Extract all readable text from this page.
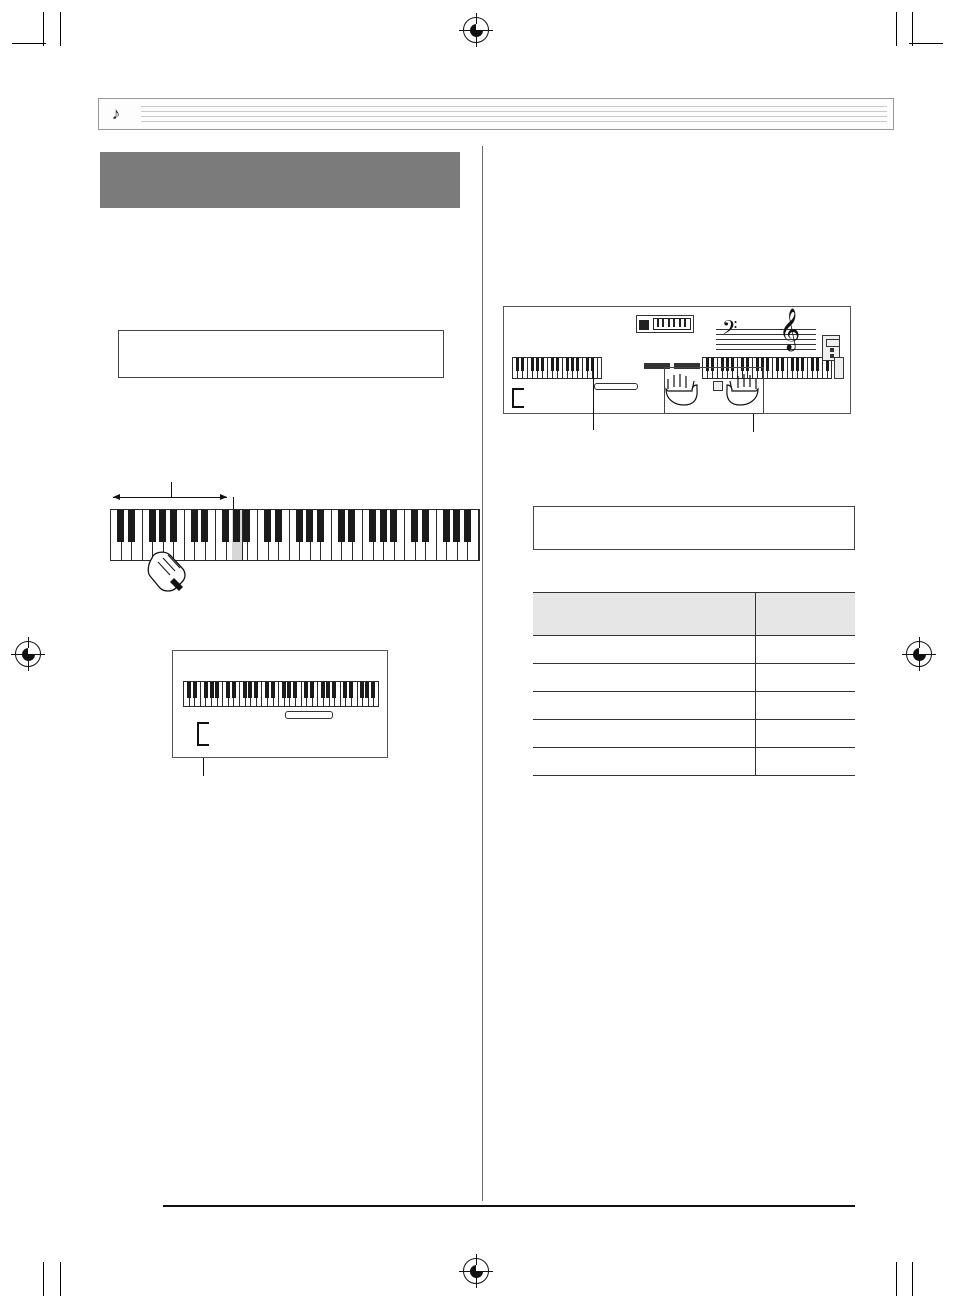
♪
𝄢 𝄞
